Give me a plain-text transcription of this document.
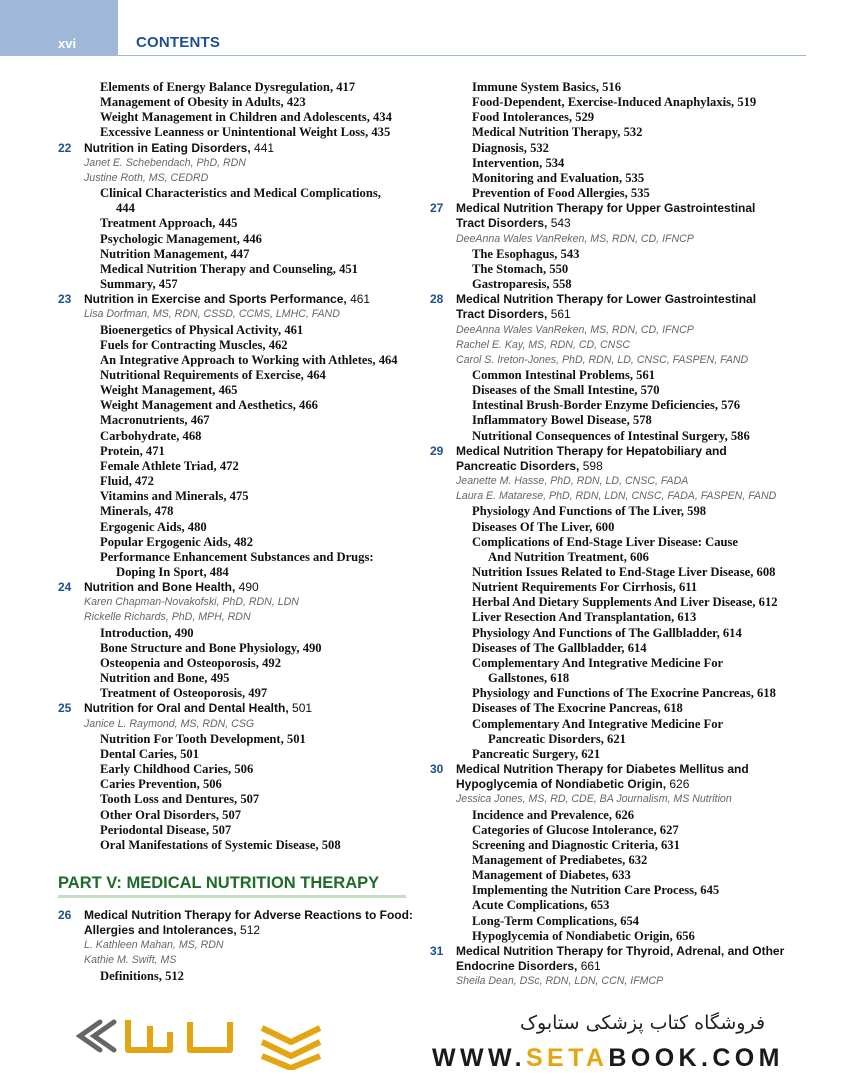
xvi	CONTENTS
Elements of Energy Balance Dysregulation, 417
Management of Obesity in Adults, 423
Weight Management in Children and Adolescents, 434
Excessive Leanness or Unintentional Weight Loss, 435
22 Nutrition in Eating Disorders, 441
Janet E. Schebendach, PhD, RDN
Justine Roth, MS, CEDRD
Clinical Characteristics and Medical Complications,
444
Treatment Approach, 445
Psychologic Management, 446
Nutrition Management, 447
Medical Nutrition Therapy and Counseling, 451
Summary, 457
23 Nutrition in Exercise and Sports Performance, 461
Lisa Dorfman, MS, RDN, CSSD, CCMS, LMHC, FAND
Bioenergetics of Physical Activity, 461
Fuels for Contracting Muscles, 462
An Integrative Approach to Working with Athletes, 464
Nutritional Requirements of Exercise, 464
Weight Management, 465
Weight Management and Aesthetics, 466
Macronutrients, 467
Carbohydrate, 468
Protein, 471
Female Athlete Triad, 472
Fluid, 472
Vitamins and Minerals, 475
Minerals, 478
Ergogenic Aids, 480
Popular Ergogenic Aids, 482
Performance Enhancement Substances and Drugs:
Doping In Sport, 484
24 Nutrition and Bone Health, 490
Karen Chapman-Novakofski, PhD, RDN, LDN
Rickelle Richards, PhD, MPH, RDN
Introduction, 490
Bone Structure and Bone Physiology, 490
Osteopenia and Osteoporosis, 492
Nutrition and Bone, 495
Treatment of Osteoporosis, 497
25 Nutrition for Oral and Dental Health, 501
Janice L. Raymond, MS, RDN, CSG
Nutrition For Tooth Development, 501
Dental Caries, 501
Early Childhood Caries, 506
Caries Prevention, 506
Tooth Loss and Dentures, 507
Other Oral Disorders, 507
Periodontal Disease, 507
Oral Manifestations of Systemic Disease, 508
PART V: MEDICAL NUTRITION THERAPY
26 Medical Nutrition Therapy for Adverse Reactions to Food:
Allergies and Intolerances, 512
L. Kathleen Mahan, MS, RDN
Kathie M. Swift, MS
Definitions, 512
Immune System Basics, 516
Food-Dependent, Exercise-Induced Anaphylaxis, 519
Food Intolerances, 529
Medical Nutrition Therapy, 532
Diagnosis, 532
Intervention, 534
Monitoring and Evaluation, 535
Prevention of Food Allergies, 535
27 Medical Nutrition Therapy for Upper Gastrointestinal
Tract Disorders, 543
DeeAnna Wales VanReken, MS, RDN, CD, IFNCP
The Esophagus, 543
The Stomach, 550
Gastroparesis, 558
28 Medical Nutrition Therapy for Lower Gastrointestinal
Tract Disorders, 561
DeeAnna Wales VanReken, MS, RDN, CD, IFNCP
Rachel E. Kay, MS, RDN, CD, CNSC
Carol S. Ireton-Jones, PhD, RDN, LD, CNSC, FASPEN, FAND
Common Intestinal Problems, 561
Diseases of the Small Intestine, 570
Intestinal Brush-Border Enzyme Deficiencies, 576
Inflammatory Bowel Disease, 578
Nutritional Consequences of Intestinal Surgery, 586
29 Medical Nutrition Therapy for Hepatobiliary and
Pancreatic Disorders, 598
Jeanette M. Hasse, PhD, RDN, LD, CNSC, FADA
Laura E. Matarese, PhD, RDN, LDN, CNSC, FADA, FASPEN, FAND
Physiology And Functions of The Liver, 598
Diseases Of The Liver, 600
Complications of End-Stage Liver Disease: Cause
And Nutrition Treatment, 606
Nutrition Issues Related to End-Stage Liver Disease, 608
Nutrient Requirements For Cirrhosis, 611
Herbal And Dietary Supplements And Liver Disease, 612
Liver Resection And Transplantation, 613
Physiology And Functions of The Gallbladder, 614
Diseases of The Gallbladder, 614
Complementary And Integrative Medicine For
Gallstones, 618
Physiology and Functions of The Exocrine Pancreas, 618
Diseases of The Exocrine Pancreas, 618
Complementary And Integrative Medicine For
Pancreatic Disorders, 621
Pancreatic Surgery, 621
30 Medical Nutrition Therapy for Diabetes Mellitus and
Hypoglycemia of Nondiabetic Origin, 626
Jessica Jones, MS, RD, CDE, BA Journalism, MS Nutrition
Incidence and Prevalence, 626
Categories of Glucose Intolerance, 627
Screening and Diagnostic Criteria, 631
Management of Prediabetes, 632
Management of Diabetes, 633
Implementing the Nutrition Care Process, 645
Acute Complications, 653
Long-Term Complications, 654
Hypoglycemia of Nondiabetic Origin, 656
31 Medical Nutrition Therapy for Thyroid, Adrenal, and Other
Endocrine Disorders, 661
Sheila Dean, DSc, RDN, LDN, CCN, IFMCP
فروشگاه کتاب پزشکی ستابوک
WWW.SETABOOK.COM
